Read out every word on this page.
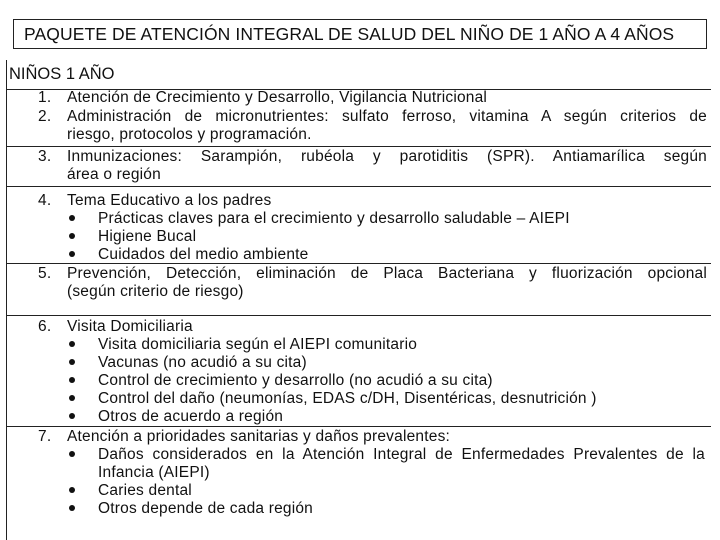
PAQUETE DE ATENCIÓN INTEGRAL DE SALUD DEL NIÑO DE 1 AÑO A 4 AÑOS
NIÑOS 1 AÑO
1.	Atención de Crecimiento y Desarrollo, Vigilancia Nutricional
2.	Administración de micronutrientes: sulfato ferroso, vitamina A según criterios de
riesgo, protocolos y programación.
3.	Inmunizaciones: Sarampión, rubéola y parotiditis (SPR). Antiamarílica según
área o región
4.	Tema Educativo a los padres
Prácticas claves para el crecimiento y desarrollo saludable – AIEPI
Higiene Bucal
Cuidados del medio ambiente
5.	Prevención, Detección, eliminación de Placa Bacteriana y fluorización opcional
(según criterio de riesgo)
6.	Visita Domiciliaria
Visita domiciliaria según el AIEPI comunitario
Vacunas (no acudió a su cita)
Control de crecimiento y desarrollo (no acudió a su cita)
Control del daño (neumonías, EDAS c/DH, Disentéricas, desnutrición )
Otros de acuerdo a región
7.	Atención a prioridades sanitarias y daños prevalentes:
Daños considerados en la Atención Integral de Enfermedades Prevalentes de la Infancia (AIEPI)
Caries dental
Otros depende de cada región
